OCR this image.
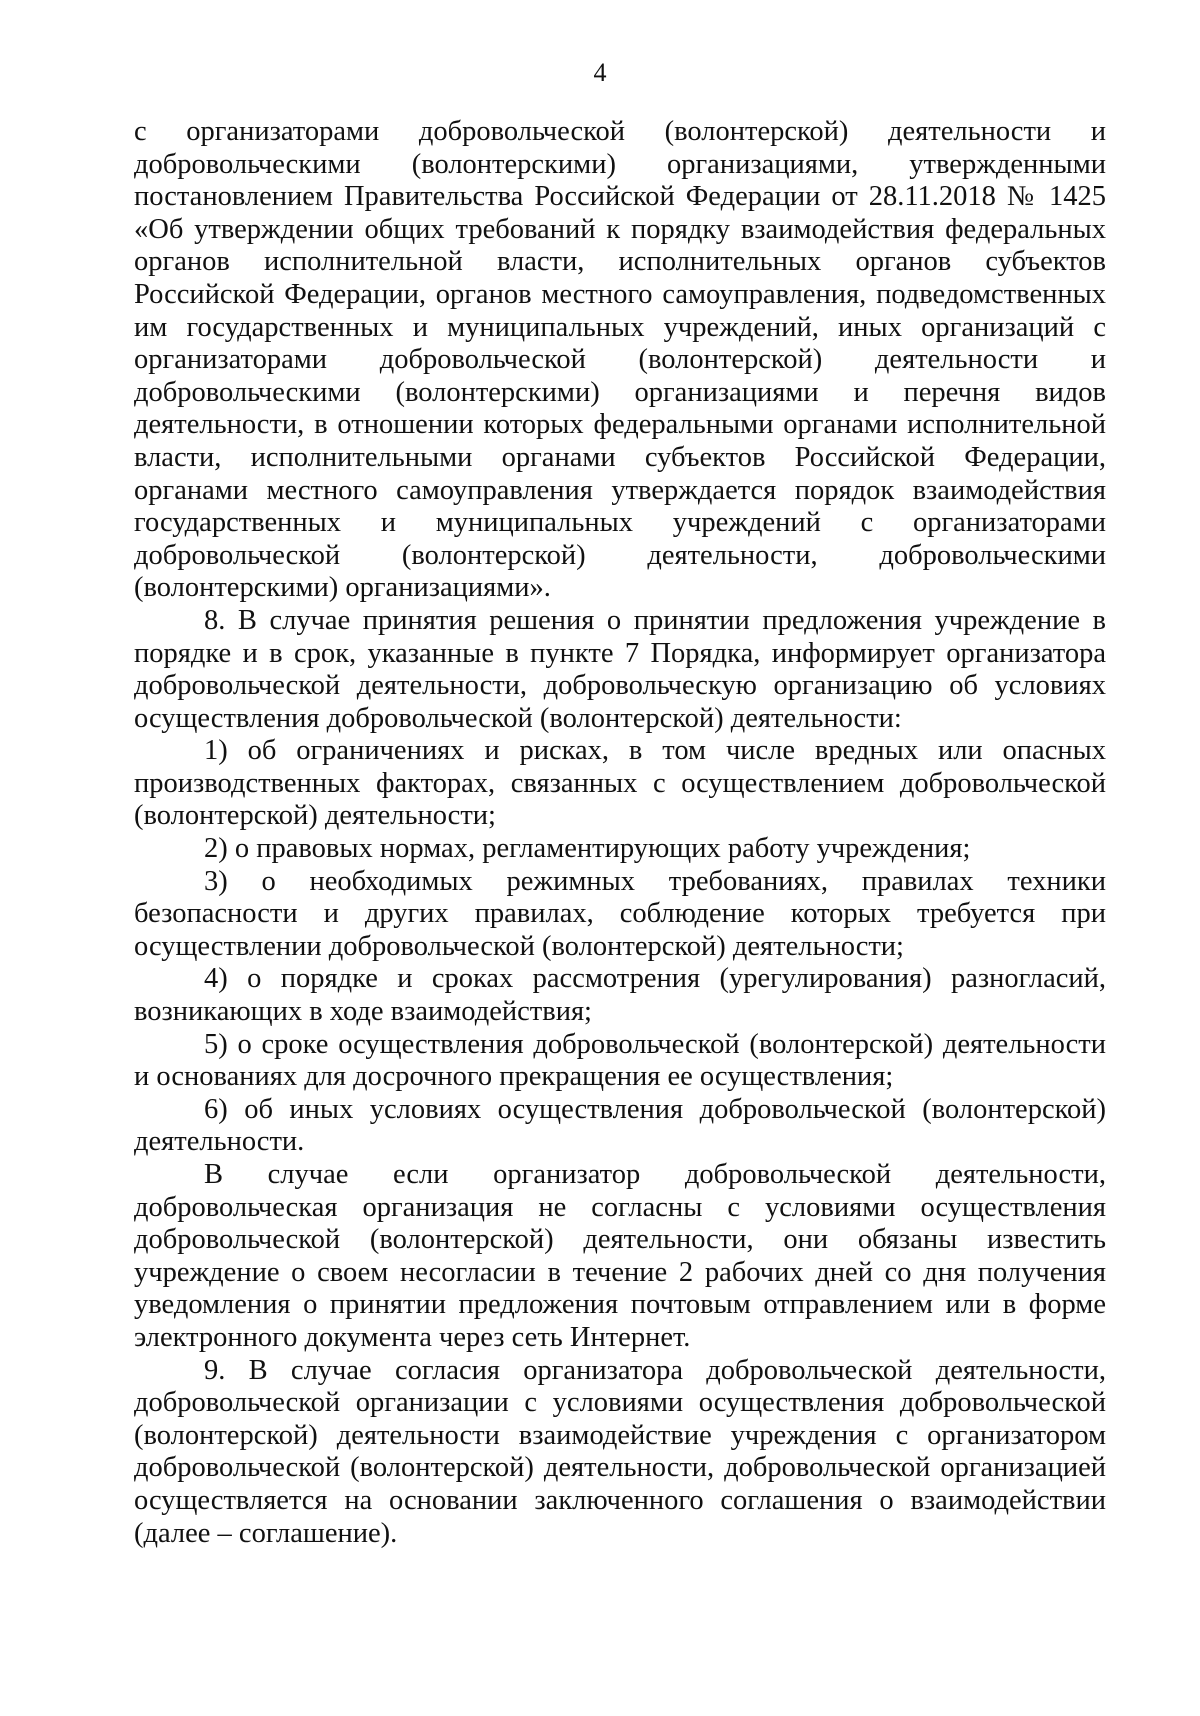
4

с организаторами добровольческой (волонтерской) деятельности и добровольческими (волонтерскими) организациями, утвержденными постановлением Правительства Российской Федерации от 28.11.2018 № 1425 «Об утверждении общих требований к порядку взаимодействия федеральных органов исполнительной власти, исполнительных органов субъектов Российской Федерации, органов местного самоуправления, подведомственных им государственных и муниципальных учреждений, иных организаций с организаторами добровольческой (волонтерской) деятельности и добровольческими (волонтерскими) организациями и перечня видов деятельности, в отношении которых федеральными органами исполнительной власти, исполнительными органами субъектов Российской Федерации, органами местного самоуправления утверждается порядок взаимодействия государственных и муниципальных учреждений с организаторами добровольческой (волонтерской) деятельности, добровольческими (волонтерскими) организациями».

8. В случае принятия решения о принятии предложения учреждение в порядке и в срок, указанные в пункте 7 Порядка, информирует организатора добровольческой деятельности, добровольческую организацию об условиях осуществления добровольческой (волонтерской) деятельности:

1) об ограничениях и рисках, в том числе вредных или опасных производственных факторах, связанных с осуществлением добровольческой (волонтерской) деятельности;

2) о правовых нормах, регламентирующих работу учреждения;

3) о необходимых режимных требованиях, правилах техники безопасности и других правилах, соблюдение которых требуется при осуществлении добровольческой (волонтерской) деятельности;

4) о порядке и сроках рассмотрения (урегулирования) разногласий, возникающих в ходе взаимодействия;

5) о сроке осуществления добровольческой (волонтерской) деятельности и основаниях для досрочного прекращения ее осуществления;

6) об иных условиях осуществления добровольческой (волонтерской) деятельности.

В случае если организатор добровольческой деятельности, добровольческая организация не согласны с условиями осуществления добровольческой (волонтерской) деятельности, они обязаны известить учреждение о своем несогласии в течение 2 рабочих дней со дня получения уведомления о принятии предложения почтовым отправлением или в форме электронного документа через сеть Интернет.

9. В случае согласия организатора добровольческой деятельности, добровольческой организации с условиями осуществления добровольческой (волонтерской) деятельности взаимодействие учреждения с организатором добровольческой (волонтерской) деятельности, добровольческой организацией осуществляется на основании заключенного соглашения о взаимодействии (далее – соглашение).
